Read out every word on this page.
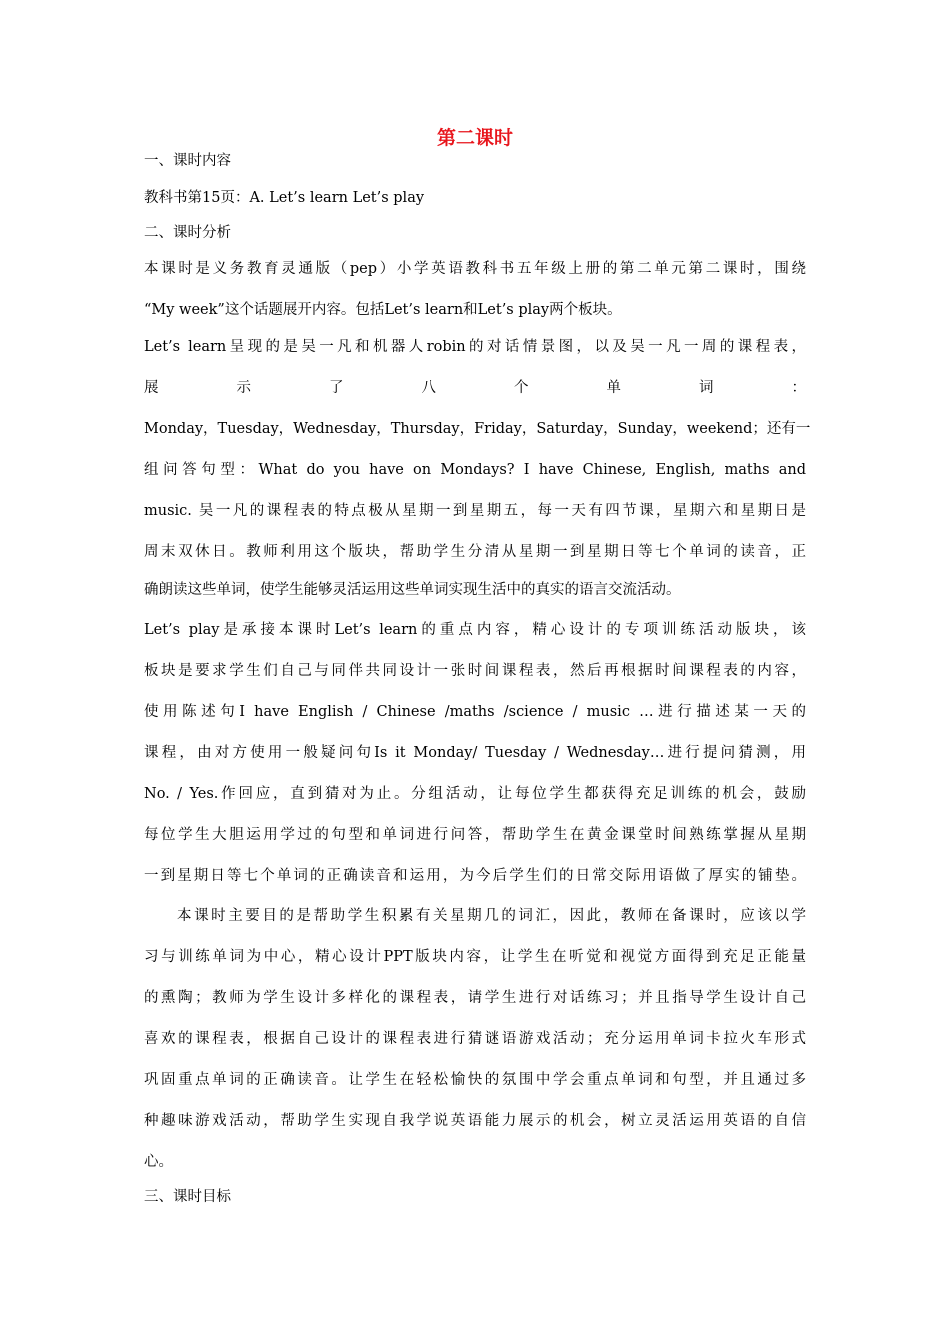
第二课时
一、课时内容
教科书第15页：A. Let’s learn Let’s play
二、课时分析
本课时是义务教育灵通版（pep）小学英语教科书五年级上册的第二单元第二课时，围绕
“My week”这个话题展开内容。包括Let’s learn和Let’s play两个板块。
Let’s learn呈现的是吴一凡和机器人robin的对话情景图，以及吴一凡一周的课程表，
展 示 了 八 个 单 词 ：
Monday，Tuesday，Wednesday，Thursday，Friday，Saturday，Sunday，weekend；还有一
组问答句型：What do you have on Mondays? I have Chinese, English, maths and
music. 吴一凡的课程表的特点极从星期一到星期五，每一天有四节课，星期六和星期日是
周末双休日。教师利用这个版块，帮助学生分清从星期一到星期日等七个单词的读音，正
确朗读这些单词，使学生能够灵活运用这些单词实现生活中的真实的语言交流活动。
Let’s play是承接本课时Let’s learn的重点内容，精心设计的专项训练活动版块，该
板块是要求学生们自己与同伴共同设计一张时间课程表，然后再根据时间课程表的内容，
使用陈述句I have English / Chinese /maths /science / music …进行描述某一天的
课程，由对方使用一般疑问句Is it Monday/ Tuesday / Wednesday…进行提问猜测，用
No. / Yes.作回应，直到猜对为止。分组活动，让每位学生都获得充足训练的机会，鼓励
每位学生大胆运用学过的句型和单词进行问答，帮助学生在黄金课堂时间熟练掌握从星期
一到星期日等七个单词的正确读音和运用，为今后学生们的日常交际用语做了厚实的铺垫。
本课时主要目的是帮助学生积累有关星期几的词汇，因此，教师在备课时，应该以学
习与训练单词为中心，精心设计PPT版块内容，让学生在听觉和视觉方面得到充足正能量
的熏陶；教师为学生设计多样化的课程表，请学生进行对话练习；并且指导学生设计自己
喜欢的课程表，根据自己设计的课程表进行猜谜语游戏活动；充分运用单词卡拉火车形式
巩固重点单词的正确读音。让学生在轻松愉快的氛围中学会重点单词和句型，并且通过多
种趣味游戏活动，帮助学生实现自我学说英语能力展示的机会，树立灵活运用英语的自信
心。
三、课时目标
